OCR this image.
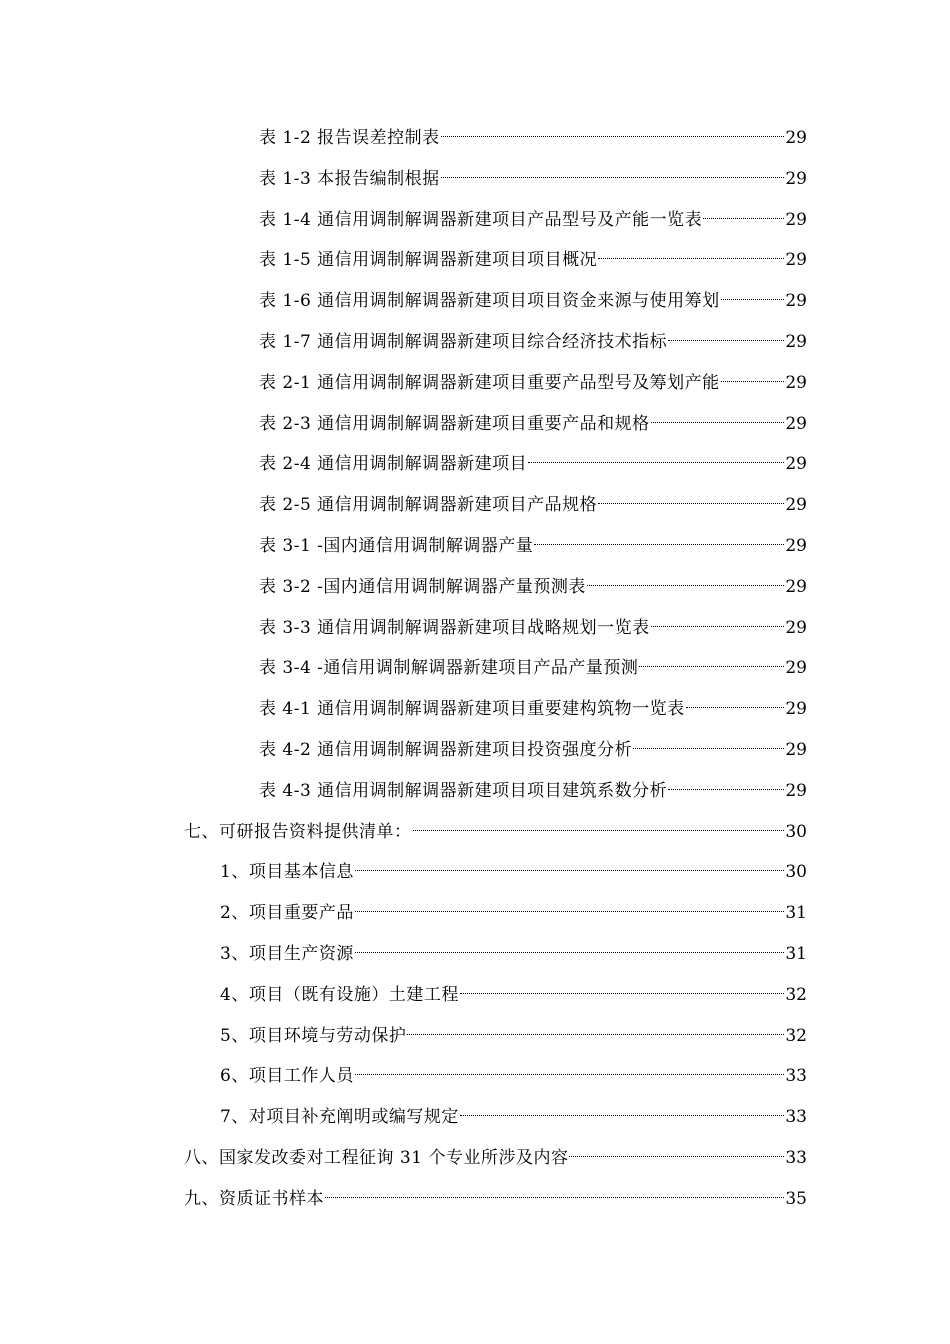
表 1-2 报告误差控制表	29
表 1-3 本报告编制根据	29
表 1-4 通信用调制解调器新建项目产品型号及产能一览表	29
表 1-5 通信用调制解调器新建项目项目概况	29
表 1-6 通信用调制解调器新建项目项目资金来源与使用筹划	29
表 1-7 通信用调制解调器新建项目综合经济技术指标	29
表 2-1 通信用调制解调器新建项目重要产品型号及筹划产能	29
表 2-3 通信用调制解调器新建项目重要产品和规格	29
表 2-4 通信用调制解调器新建项目	29
表 2-5 通信用调制解调器新建项目产品规格	29
表 3-1 -国内通信用调制解调器产量	29
表 3-2 -国内通信用调制解调器产量预测表	29
表 3-3 通信用调制解调器新建项目战略规划一览表	29
表 3-4 -通信用调制解调器新建项目产品产量预测	29
表 4-1 通信用调制解调器新建项目重要建构筑物一览表	29
表 4-2 通信用调制解调器新建项目投资强度分析	29
表 4-3 通信用调制解调器新建项目项目建筑系数分析	29
七、可研报告资料提供清单：	30
1、项目基本信息	30
2、项目重要产品	31
3、项目生产资源	31
4、项目（既有设施）土建工程	32
5、项目环境与劳动保护	32
6、项目工作人员	33
7、对项目补充阐明或编写规定	33
八、国家发改委对工程征询 31 个专业所涉及内容	33
九、资质证书样本	35
